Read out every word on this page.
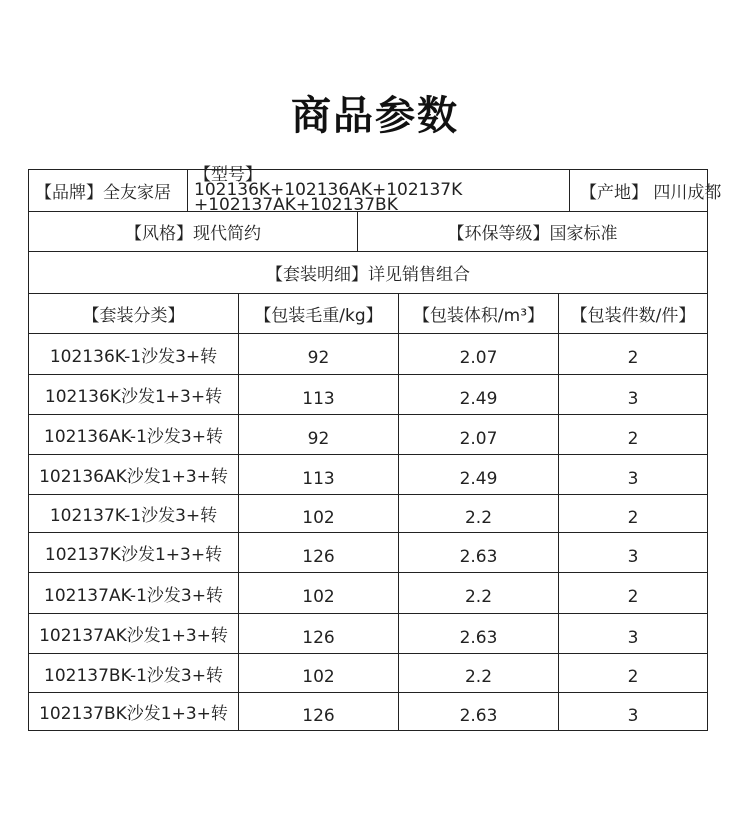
商品参数
【品牌】全友家居
【型号】102136K+102136AK+102137K +102137AK+102137BK
【产地】 四川成都
【风格】现代简约	【环保等级】国家标准
【套装明细】详见销售组合
【套装分类】	【包装毛重/kg】	【包装体积/m³】	【包装件数/件】
102136K-1沙发3+转	92	2.07	2
102136K沙发1+3+转	113	2.49	3
102136AK-1沙发3+转	92	2.07	2
102136AK沙发1+3+转	113	2.49	3
102137K-1沙发3+转	102	2.2	2
102137K沙发1+3+转	126	2.63	3
102137AK-1沙发3+转	102	2.2	2
102137AK沙发1+3+转	126	2.63	3
102137BK-1沙发3+转	102	2.2	2
102137BK沙发1+3+转	126	2.63	3
